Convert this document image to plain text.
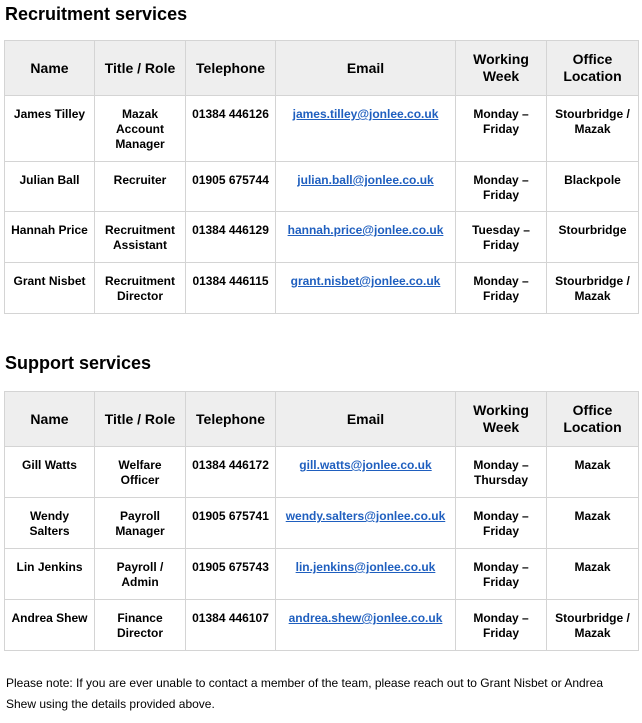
Recruitment services
Name	Title / Role	Telephone	Email	Working Week	Office Location
James Tilley	Mazak Account Manager	01384 446126	james.tilley@jonlee.co.uk	Monday – Friday	Stourbridge / Mazak
Julian Ball	Recruiter	01905 675744	julian.ball@jonlee.co.uk	Monday – Friday	Blackpole
Hannah Price	Recruitment Assistant	01384 446129	hannah.price@jonlee.co.uk	Tuesday – Friday	Stourbridge
Grant Nisbet	Recruitment Director	01384 446115	grant.nisbet@jonlee.co.uk	Monday – Friday	Stourbridge / Mazak
Support services
Name	Title / Role	Telephone	Email	Working Week	Office Location
Gill Watts	Welfare Officer	01384 446172	gill.watts@jonlee.co.uk	Monday – Thursday	Mazak
Wendy Salters	Payroll Manager	01905 675741	wendy.salters@jonlee.co.uk	Monday – Friday	Mazak
Lin Jenkins	Payroll / Admin	01905 675743	lin.jenkins@jonlee.co.uk	Monday – Friday	Mazak
Andrea Shew	Finance Director	01384 446107	andrea.shew@jonlee.co.uk	Monday – Friday	Stourbridge / Mazak

Please note: If you are ever unable to contact a member of the team, please reach out to Grant Nisbet or Andrea Shew using the details provided above.
